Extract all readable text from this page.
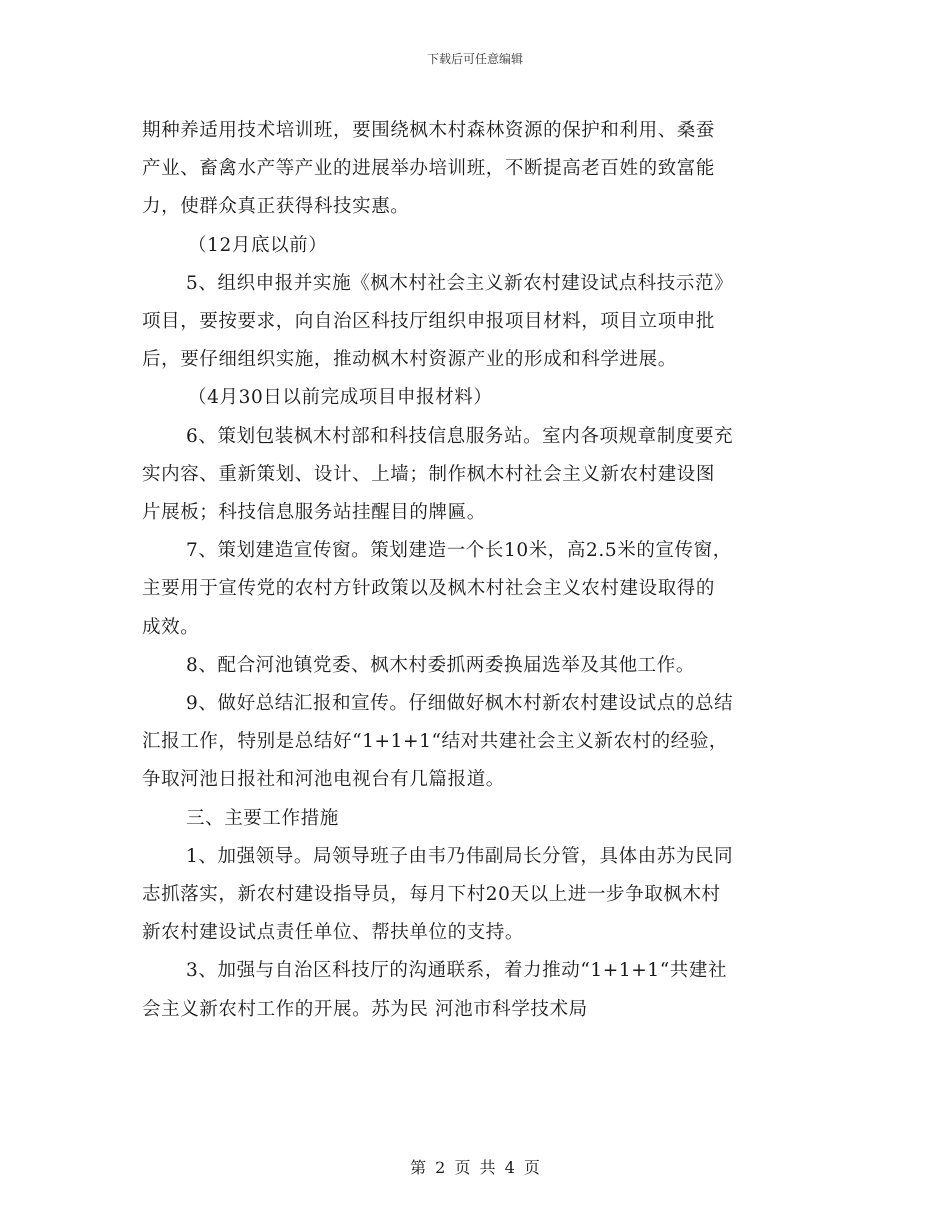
下载后可任意编辑

期种养适用技术培训班，要围绕枫木村森林资源的保护和利用、桑蚕

产业、畜禽水产等产业的进展举办培训班，不断提高老百姓的致富能

力，使群众真正获得科技实惠。

（12月底以前）

5、组织申报并实施《枫木村社会主义新农村建设试点科技示范》

项目，要按要求，向自治区科技厅组织申报项目材料，项目立项申批

后，要仔细组织实施，推动枫木村资源产业的形成和科学进展。

（4月30日以前完成项目申报材料）

6、策划包装枫木村部和科技信息服务站。室内各项规章制度要充

实内容、重新策划、设计、上墙；制作枫木村社会主义新农村建设图

片展板；科技信息服务站挂醒目的牌匾。

7、策划建造宣传窗。策划建造一个长10米，高2.5米的宣传窗，

主要用于宣传党的农村方针政策以及枫木村社会主义农村建设取得的

成效。

8、配合河池镇党委、枫木村委抓两委换届选举及其他工作。

9、做好总结汇报和宣传。仔细做好枫木村新农村建设试点的总结

汇报工作，特别是总结好“1+1+1“结对共建社会主义新农村的经验，

争取河池日报社和河池电视台有几篇报道。

三、主要工作措施

1、加强领导。局领导班子由韦乃伟副局长分管，具体由苏为民同

志抓落实，新农村建设指导员，每月下村20天以上进一步争取枫木村

新农村建设试点责任单位、帮扶单位的支持。

3、加强与自治区科技厅的沟通联系，着力推动“1+1+1“共建社

会主义新农村工作的开展。苏为民 河池市科学技术局

第 2 页 共 4 页
